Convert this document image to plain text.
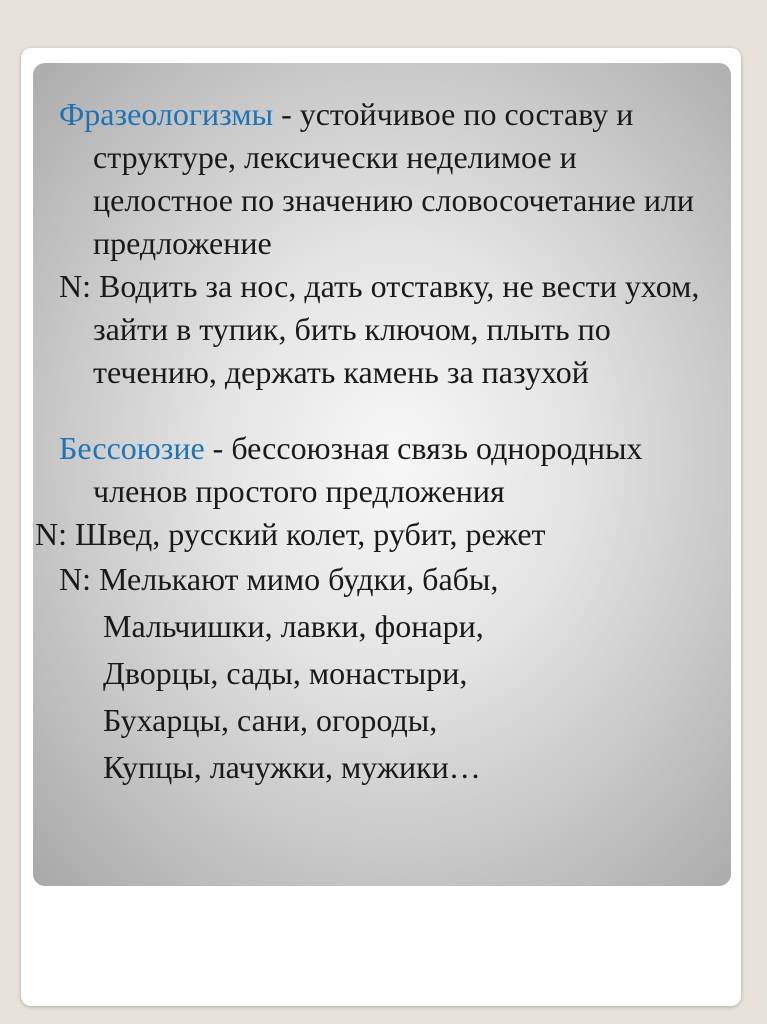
Фразеологизмы - устойчивое по составу и структуре, лексически неделимое и целостное по значению словосочетание или предложение

N: Водить за нос, дать отставку, не вести ухом, зайти в тупик, бить ключом, плыть по течению, держать камень за пазухой

Бессоюзие - бессоюзная связь однородных членов простого предложения

N: Швед, русский колет, рубит, режет

N: Мелькают мимо будки, бабы,

Мальчишки, лавки, фонари,

Дворцы, сады, монастыри,

Бухарцы, сани, огороды,

Купцы, лачужки, мужики…
